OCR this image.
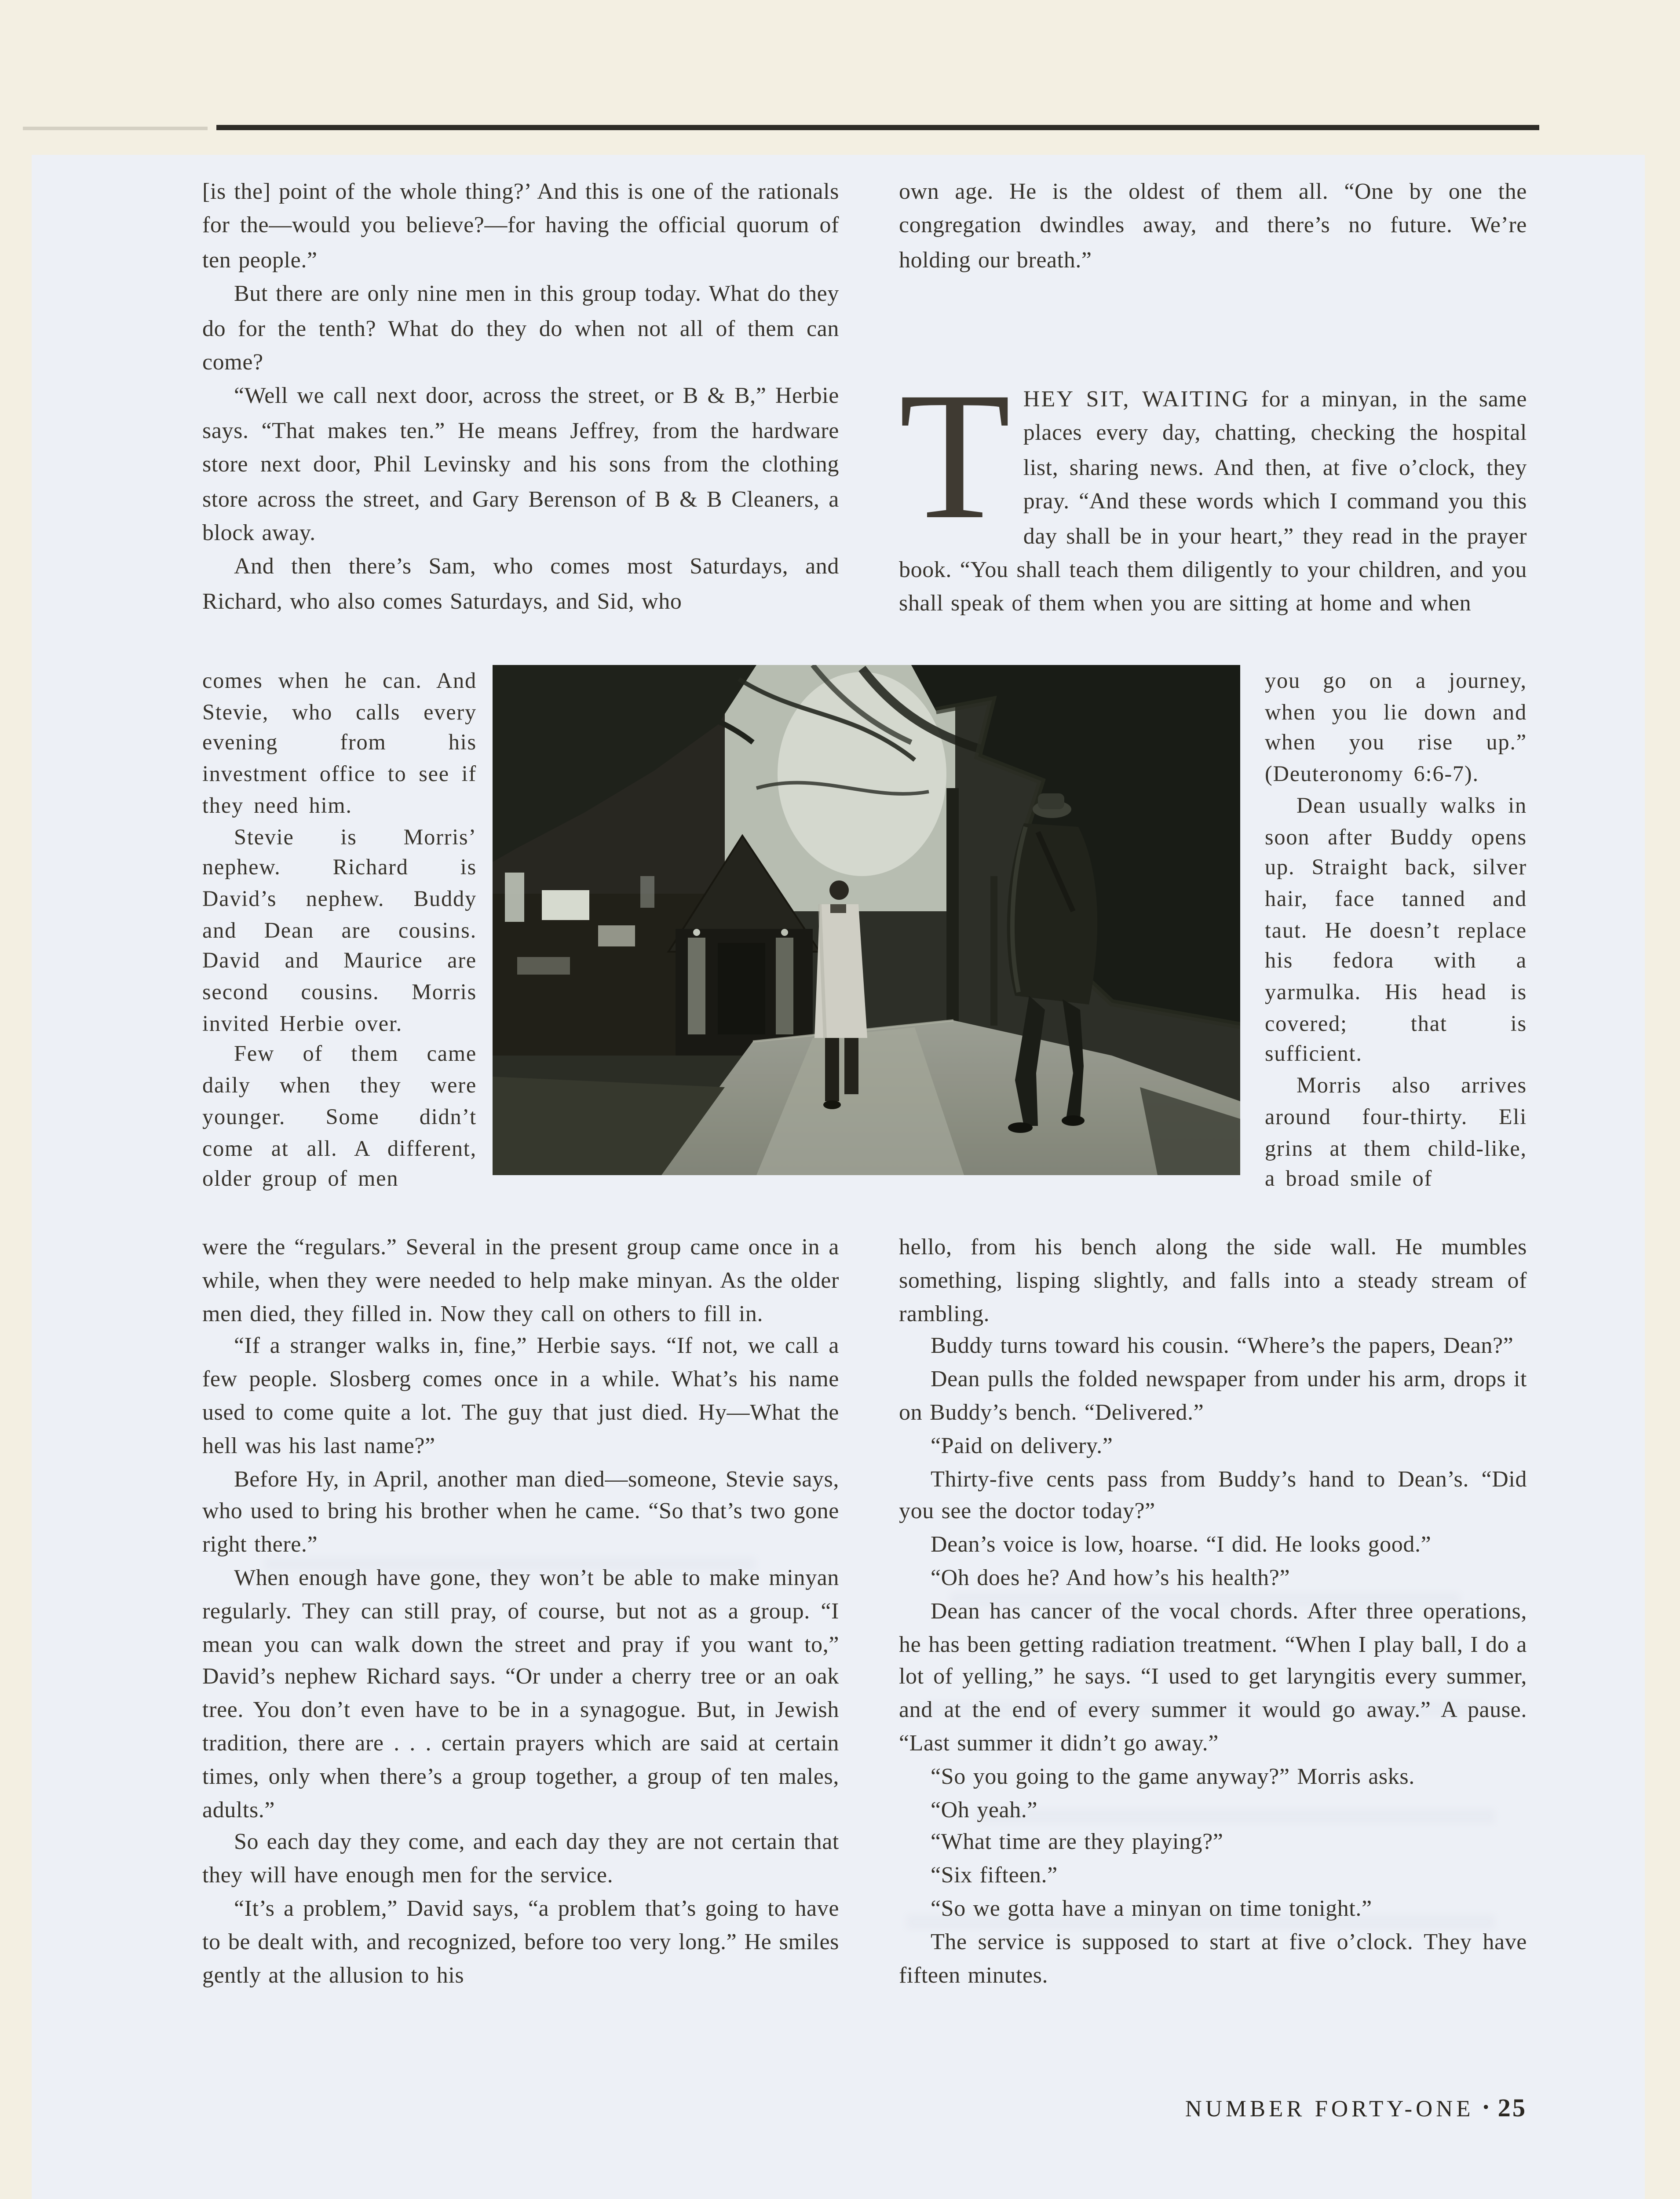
[is the] point of the whole thing?’ And this is one of the rationals for the—would you believe?—for having the official quorum of ten people.”

But there are only nine men in this group today. What do they do for the tenth? What do they do when not all of them can come?

“Well we call next door, across the street, or B & B,” Herbie says. “That makes ten.” He means Jeffrey, from the hardware store next door, Phil Levinsky and his sons from the clothing store across the street, and Gary Berenson of B & B Cleaners, a block away.

And then there’s Sam, who comes most Saturdays, and Richard, who also comes Saturdays, and Sid, who

comes when he can. And Stevie, who calls every evening from his investment office to see if they need him.

Stevie is Morris’ nephew. Richard is David’s nephew. Buddy and Dean are cousins. David and Maurice are second cousins. Morris invited Herbie over.

Few of them came daily when they were younger. Some didn’t come at all. A different, older group of men

were the “regulars.” Several in the present group came once in a while, when they were needed to help make minyan. As the older men died, they filled in. Now they call on others to fill in.

“If a stranger walks in, fine,” Herbie says. “If not, we call a few people. Slosberg comes once in a while. What’s his name used to come quite a lot. The guy that just died. Hy—What the hell was his last name?”

Before Hy, in April, another man died—someone, Stevie says, who used to bring his brother when he came. “So that’s two gone right there.”

When enough have gone, they won’t be able to make minyan regularly. They can still pray, of course, but not as a group. “I mean you can walk down the street and pray if you want to,” David’s nephew Richard says. “Or under a cherry tree or an oak tree. You don’t even have to be in a synagogue. But, in Jewish tradition, there are . . . certain prayers which are said at certain times, only when there’s a group together, a group of ten males, adults.”

So each day they come, and each day they are not certain that they will have enough men for the service.

“It’s a problem,” David says, “a problem that’s going to have to be dealt with, and recognized, before too very long.” He smiles gently at the allusion to his

own age. He is the oldest of them all. “One by one the congregation dwindles away, and there’s no future. We’re holding our breath.”

T	HEY SIT, WAITING for a minyan, in the same places every day, chatting, checking the hospital list, sharing news. And then, at five o’clock, they pray. “And these words which I command you this day shall be in your heart,” they read in the prayer book. “You shall teach them diligently to your children, and you shall speak of them when you are sitting at home and when

you go on a journey, when you lie down and when you rise up.” (Deuteronomy 6:6-7).

Dean usually walks in soon after Buddy opens up. Straight back, silver hair, face tanned and taut. He doesn’t replace his fedora with a yarmulka. His head is covered; that is sufficient.

Morris also arrives around four-thirty. Eli grins at them child-like, a broad smile of

hello, from his bench along the side wall. He mumbles something, lisping slightly, and falls into a steady stream of rambling.

Buddy turns toward his cousin. “Where’s the papers, Dean?”

Dean pulls the folded newspaper from under his arm, drops it on Buddy’s bench. “Delivered.”

“Paid on delivery.”

Thirty-five cents pass from Buddy’s hand to Dean’s. “Did you see the doctor today?”

Dean’s voice is low, hoarse. “I did. He looks good.”

“Oh does he? And how’s his health?”

Dean has cancer of the vocal chords. After three operations, he has been getting radiation treatment. “When I play ball, I do a lot of yelling,” he says. “I used to get laryngitis every summer, and at the end of every summer it would go away.” A pause. “Last summer it didn’t go away.”

“So you going to the game anyway?” Morris asks.

“Oh yeah.”

“What time are they playing?”

“Six fifteen.”

“So we gotta have a minyan on time tonight.”

The service is supposed to start at five o’clock. They have fifteen minutes.

NUMBER FORTY-ONE • 25
